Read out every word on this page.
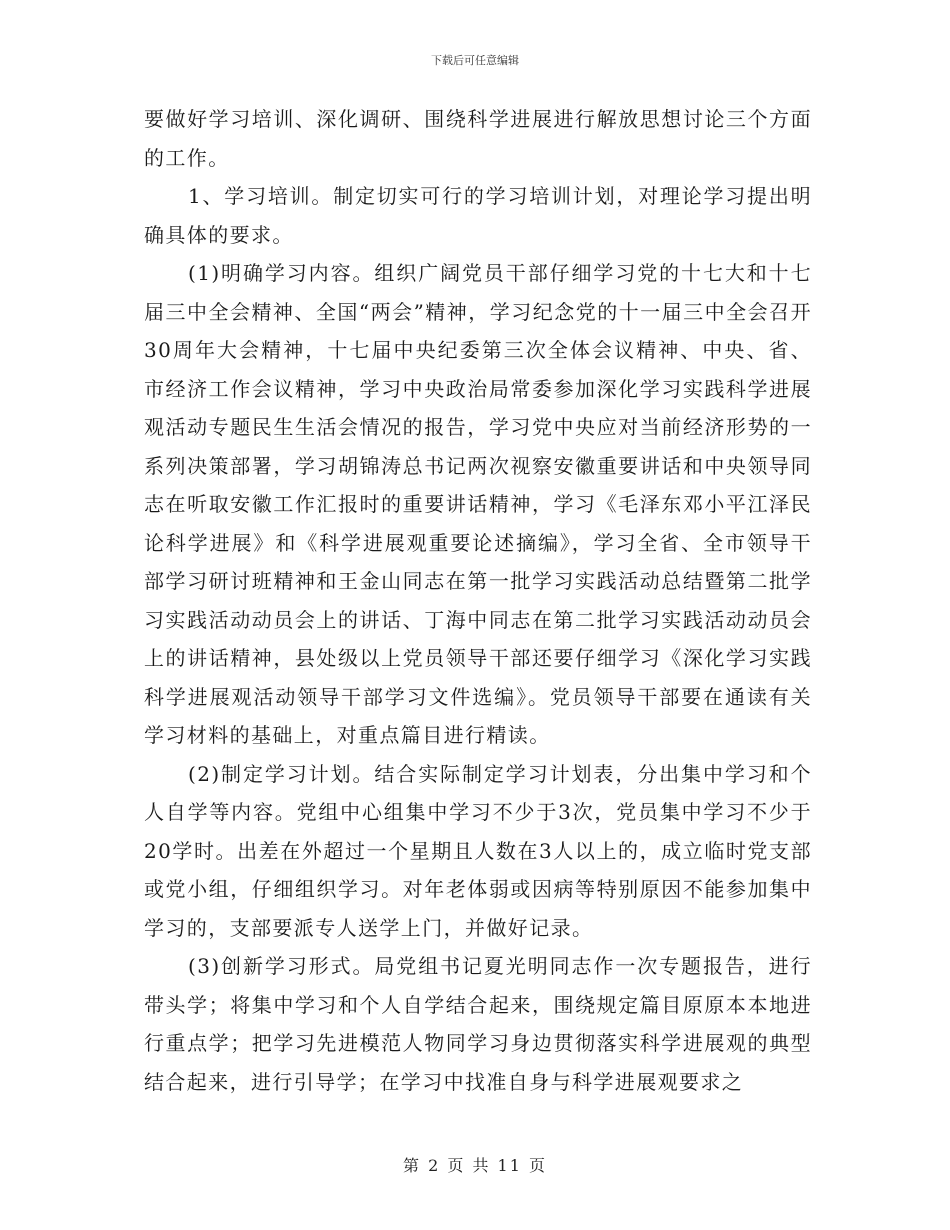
下载后可任意编辑

要做好学习培训、深化调研、围绕科学进展进行解放思想讨论三个方面的工作。

1、学习培训。制定切实可行的学习培训计划，对理论学习提出明确具体的要求。

(1)明确学习内容。组织广阔党员干部仔细学习党的十七大和十七届三中全会精神、全国“两会”精神，学习纪念党的十一届三中全会召开30周年大会精神，十七届中央纪委第三次全体会议精神、中央、省、市经济工作会议精神，学习中央政治局常委参加深化学习实践科学进展观活动专题民生生活会情况的报告，学习党中央应对当前经济形势的一系列决策部署，学习胡锦涛总书记两次视察安徽重要讲话和中央领导同志在听取安徽工作汇报时的重要讲话精神，学习《毛泽东邓小平江泽民论科学进展》和《科学进展观重要论述摘编》，学习全省、全市领导干部学习研讨班精神和王金山同志在第一批学习实践活动总结暨第二批学习实践活动动员会上的讲话、丁海中同志在第二批学习实践活动动员会上的讲话精神，县处级以上党员领导干部还要仔细学习《深化学习实践科学进展观活动领导干部学习文件选编》。党员领导干部要在通读有关学习材料的基础上，对重点篇目进行精读。

(2)制定学习计划。结合实际制定学习计划表，分出集中学习和个人自学等内容。党组中心组集中学习不少于3次，党员集中学习不少于20学时。出差在外超过一个星期且人数在3人以上的，成立临时党支部或党小组，仔细组织学习。对年老体弱或因病等特别原因不能参加集中学习的，支部要派专人送学上门，并做好记录。

(3)创新学习形式。局党组书记夏光明同志作一次专题报告，进行带头学；将集中学习和个人自学结合起来，围绕规定篇目原原本本地进行重点学；把学习先进模范人物同学习身边贯彻落实科学进展观的典型结合起来，进行引导学；在学习中找准自身与科学进展观要求之

第 2 页 共 11 页
